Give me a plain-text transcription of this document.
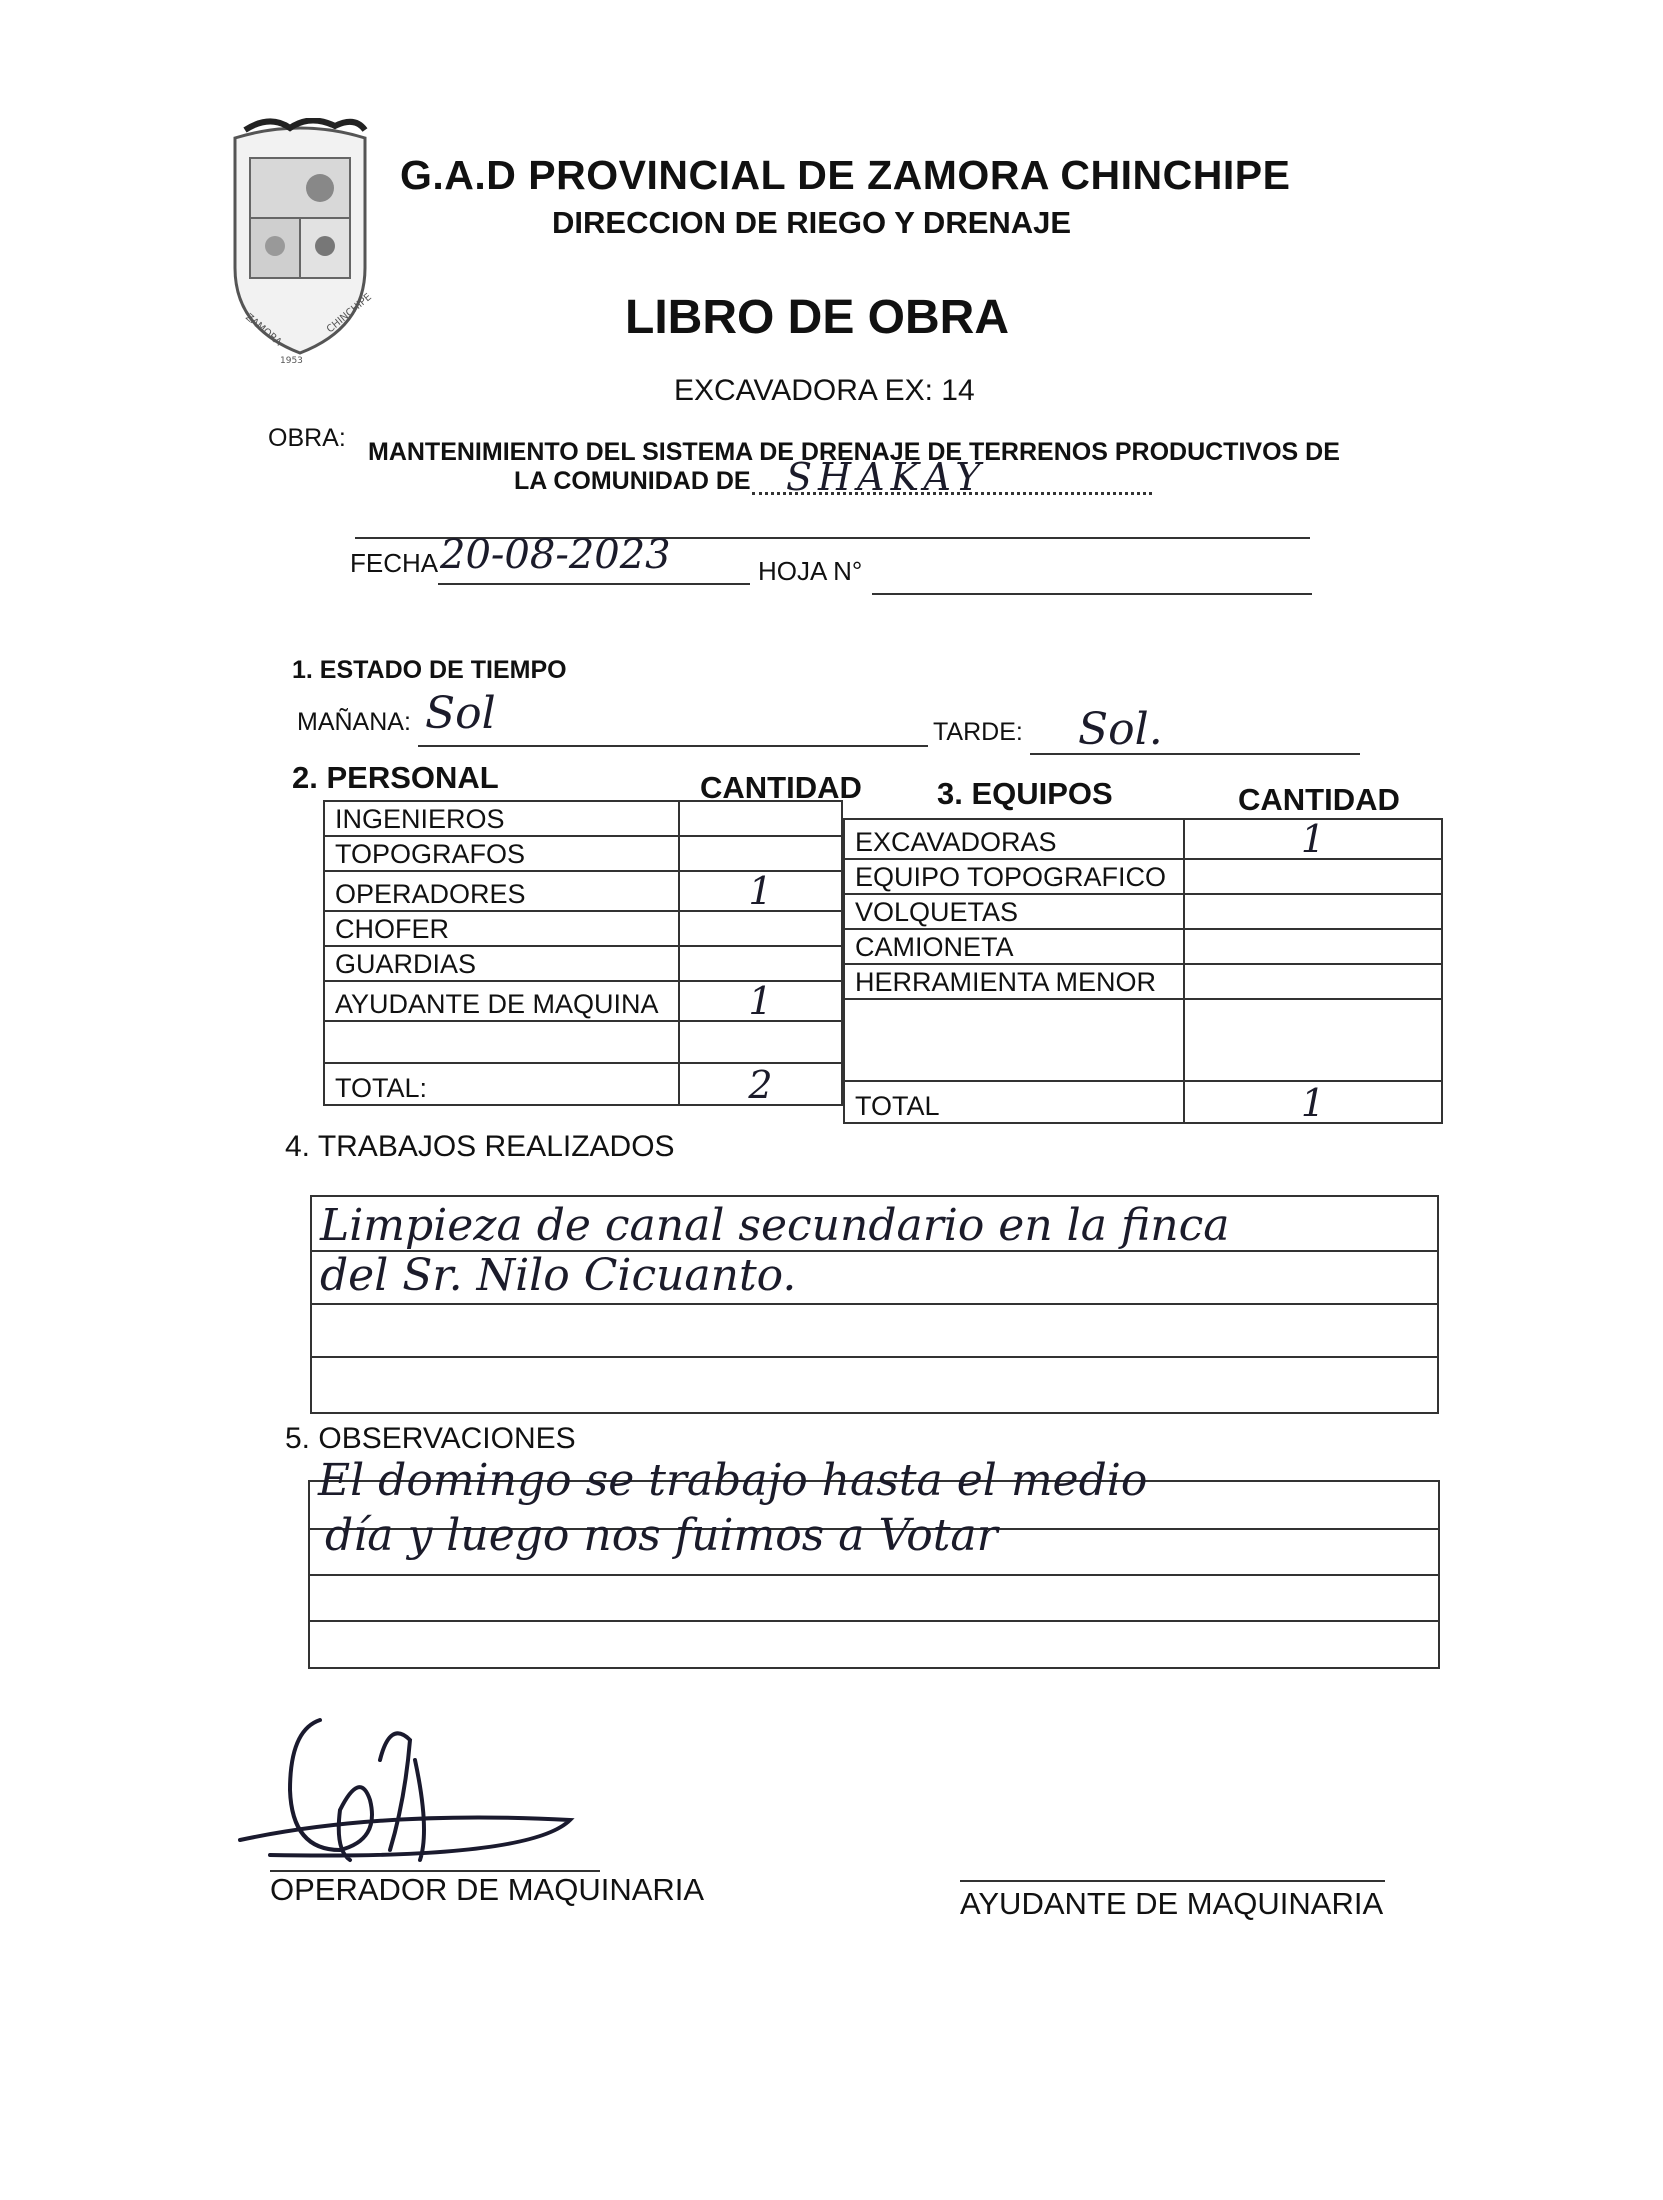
ZAMORA	CHINCHIPE
1953
G.A.D PROVINCIAL DE ZAMORA CHINCHIPE
DIRECCION DE RIEGO Y DRENAJE
LIBRO DE OBRA
EXCAVADORA EX: 14
OBRA: MANTENIMIENTO DEL SISTEMA DE DRENAJE DE TERRENOS PRODUCTIVOS DE
LA COMUNIDAD DE SHAKAY
FECHA 20-08-2023	HOJA N°
1. ESTADO DE TIEMPO
MAÑANA: Sol	TARDE: Sol.
2. PERSONAL	CANTIDAD 3. EQUIPOS	CANTIDAD
INGENIEROS	
TOPOGRAFOS	
OPERADORES	1
CHOFER	
GUARDIAS	
AYUDANTE DE MAQUINA	1

TOTAL:	2
EXCAVADORAS	1
EQUIPO TOPOGRAFICO	
VOLQUETAS	
CAMIONETA	
HERRAMIENTA MENOR	

TOTAL	1
4. TRABAJOS REALIZADOS
Limpieza de canal secundario en la finca
del Sr. Nilo Cicuanto.
5. OBSERVACIONES
El domingo se trabajo hasta el medio
día y luego nos fuimos a Votar
OPERADOR DE MAQUINARIA	AYUDANTE DE MAQUINARIA
